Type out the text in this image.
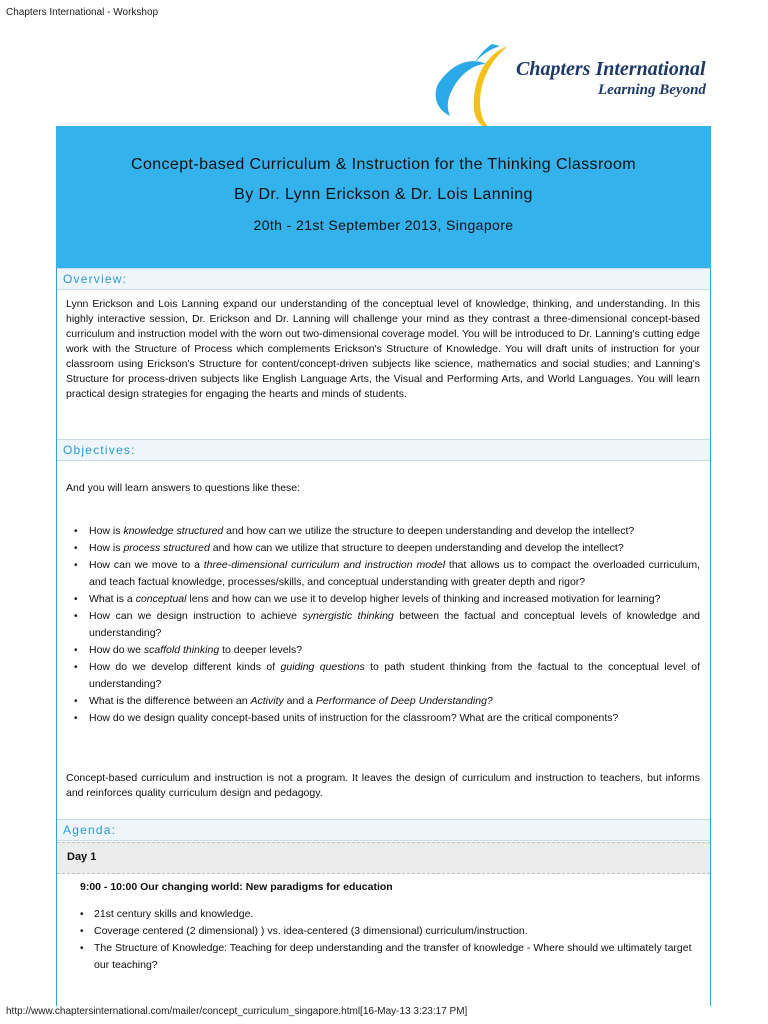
Chapters International - Workshop
Chapters International
Learning Beyond
Concept-based Curriculum & Instruction for the Thinking Classroom
By Dr. Lynn Erickson & Dr. Lois Lanning
20th - 21st September 2013, Singapore
Overview:
Lynn Erickson and Lois Lanning expand our understanding of the conceptual level of knowledge, thinking, and understanding. In this highly interactive session, Dr. Erickson and Dr. Lanning will challenge your mind as they contrast a three-dimensional concept-based curriculum and instruction model with the worn out two-dimensional coverage model. You will be introduced to Dr. Lanning's cutting edge work with the Structure of Process which complements Erickson's Structure of Knowledge. You will draft units of instruction for your classroom using Erickson's Structure for content/concept-driven subjects like science, mathematics and social studies; and Lanning's Structure for process-driven subjects like English Language Arts, the Visual and Performing Arts, and World Languages. You will learn practical design strategies for engaging the hearts and minds of students.
Objectives:
And you will learn answers to questions like these:
• How is knowledge structured and how can we utilize the structure to deepen understanding and develop the intellect?
• How is process structured and how can we utilize that structure to deepen understanding and develop the intellect?
• How can we move to a three-dimensional curriculum and instruction model that allows us to compact the overloaded curriculum, and teach factual knowledge, processes/skills, and conceptual understanding with greater depth and rigor?
• What is a conceptual lens and how can we use it to develop higher levels of thinking and increased motivation for learning?
• How can we design instruction to achieve synergistic thinking between the factual and conceptual levels of knowledge and understanding?
• How do we scaffold thinking to deeper levels?
• How do we develop different kinds of guiding questions to path student thinking from the factual to the conceptual level of understanding?
• What is the difference between an Activity and a Performance of Deep Understanding?
• How do we design quality concept-based units of instruction for the classroom? What are the critical components?
Concept-based curriculum and instruction is not a program. It leaves the design of curriculum and instruction to teachers, but informs and reinforces quality curriculum design and pedagogy.
Agenda:
Day 1
9:00 - 10:00 Our changing world: New paradigms for education
• 21st century skills and knowledge.
• Coverage centered (2 dimensional) ) vs. idea-centered (3 dimensional) curriculum/instruction.
• The Structure of Knowledge: Teaching for deep understanding and the transfer of knowledge - Where should we ultimately target our teaching?
http://www.chaptersinternational.com/mailer/concept_curriculum_singapore.html[16-May-13 3:23:17 PM]
